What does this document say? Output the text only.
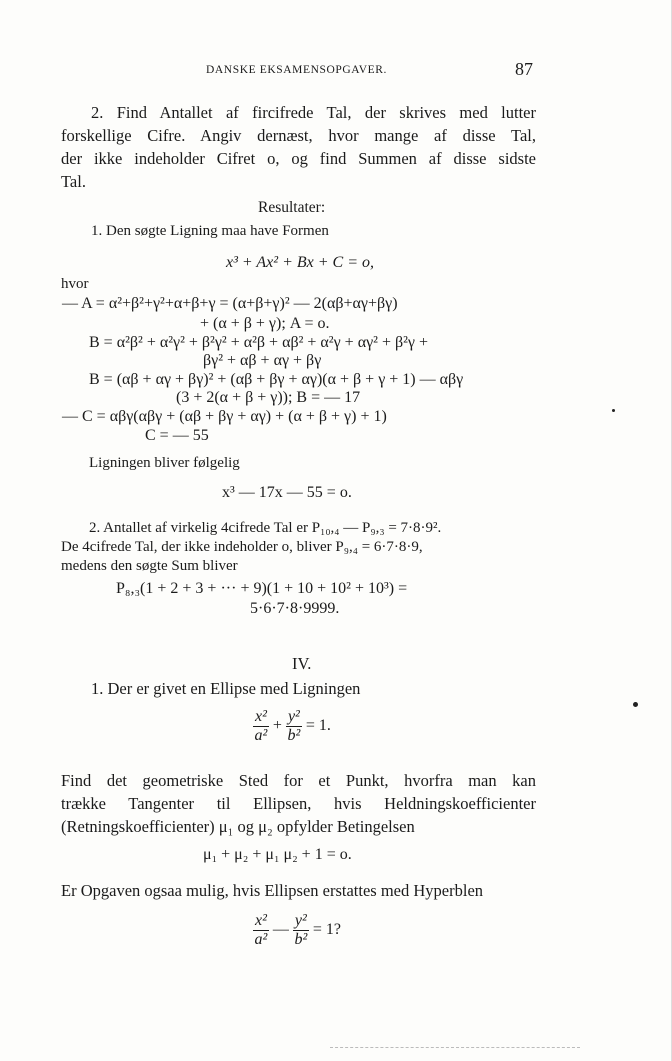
DANSKE EKSAMENSOPGAVER.	87
2. Find Antallet af fircifrede Tal, der skrives med lutter
forskellige Cifre. Angiv dernæst, hvor mange af disse Tal,
der ikke indeholder Cifret o, og find Summen af disse sidste
Tal.
Resultater:
1. Den søgte Ligning maa have Formen
x³ + Ax² + Bx + C = o,
hvor
— A = α²+β²+γ²+α+β+γ = (α+β+γ)² — 2(αβ+αγ+βγ)
+ (α + β + γ); A = o.
B = α²β² + α²γ² + β²γ² + α²β + αβ² + α²γ + αγ² + β²γ +
βγ² + αβ + αγ + βγ
B = (αβ + αγ + βγ)² + (αβ + βγ + αγ)(α + β + γ + 1) — αβγ
(3 + 2(α + β + γ)); B = — 17
— C = αβγ(αβγ + (αβ + βγ + αγ) + (α + β + γ) + 1)
C = — 55
Ligningen bliver følgelig
x³ — 17x — 55 = o.
2. Antallet af virkelig 4cifrede Tal er P₁₀,₄ — P₉,₃ = 7·8·9².
De 4cifrede Tal, der ikke indeholder o, bliver P₉,₄ = 6·7·8·9,
medens den søgte Sum bliver
P₈,₃(1 + 2 + 3 + ··· + 9)(1 + 10 + 10² + 10³) =
5·6·7·8·9999.
IV.
1. Der er givet en Ellipse med Ligningen
$\frac{\text{x²}}{\text{a²}} + \frac{\text{y²}}{\text{b²}} = 1$.
Find det geometriske Sted for et Punkt, hvorfra man kan
trække Tangenter til Ellipsen, hvis Heldningskoefficienter
(Retningskoefficienter) μ₁ og μ₂ opfylder Betingelsen
μ₁ + μ₂ + μ₁ μ₂ + 1 = o.
Er Opgaven ogsaa mulig, hvis Ellipsen erstattes med Hyperblen
$\frac{\text{x²}}{\text{a²}}$ — $\frac{\text{y²}}{\text{b²}} = 1$?
